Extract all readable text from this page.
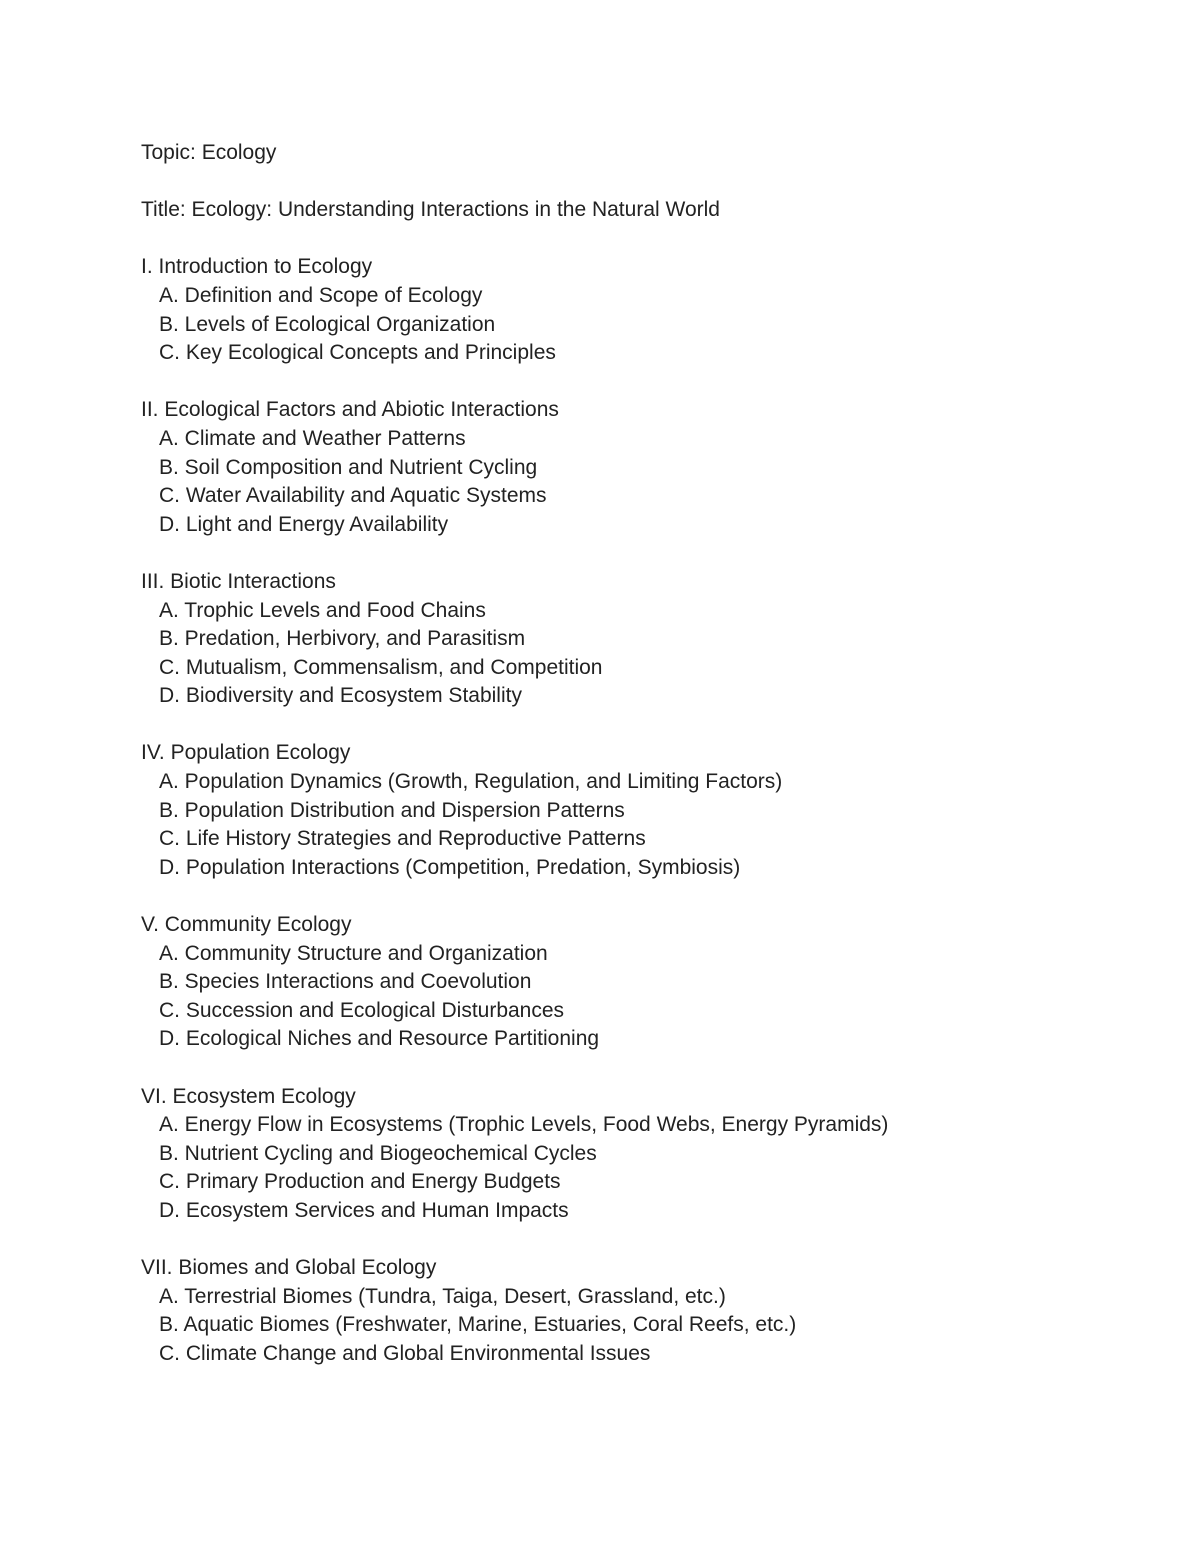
Topic: Ecology
Title: Ecology: Understanding Interactions in the Natural World
I. Introduction to Ecology
A. Definition and Scope of Ecology
B. Levels of Ecological Organization
C. Key Ecological Concepts and Principles
II. Ecological Factors and Abiotic Interactions
A. Climate and Weather Patterns
B. Soil Composition and Nutrient Cycling
C. Water Availability and Aquatic Systems
D. Light and Energy Availability
III. Biotic Interactions
A. Trophic Levels and Food Chains
B. Predation, Herbivory, and Parasitism
C. Mutualism, Commensalism, and Competition
D. Biodiversity and Ecosystem Stability
IV. Population Ecology
A. Population Dynamics (Growth, Regulation, and Limiting Factors)
B. Population Distribution and Dispersion Patterns
C. Life History Strategies and Reproductive Patterns
D. Population Interactions (Competition, Predation, Symbiosis)
V. Community Ecology
A. Community Structure and Organization
B. Species Interactions and Coevolution
C. Succession and Ecological Disturbances
D. Ecological Niches and Resource Partitioning
VI. Ecosystem Ecology
A. Energy Flow in Ecosystems (Trophic Levels, Food Webs, Energy Pyramids)
B. Nutrient Cycling and Biogeochemical Cycles
C. Primary Production and Energy Budgets
D. Ecosystem Services and Human Impacts
VII. Biomes and Global Ecology
A. Terrestrial Biomes (Tundra, Taiga, Desert, Grassland, etc.)
B. Aquatic Biomes (Freshwater, Marine, Estuaries, Coral Reefs, etc.)
C. Climate Change and Global Environmental Issues
